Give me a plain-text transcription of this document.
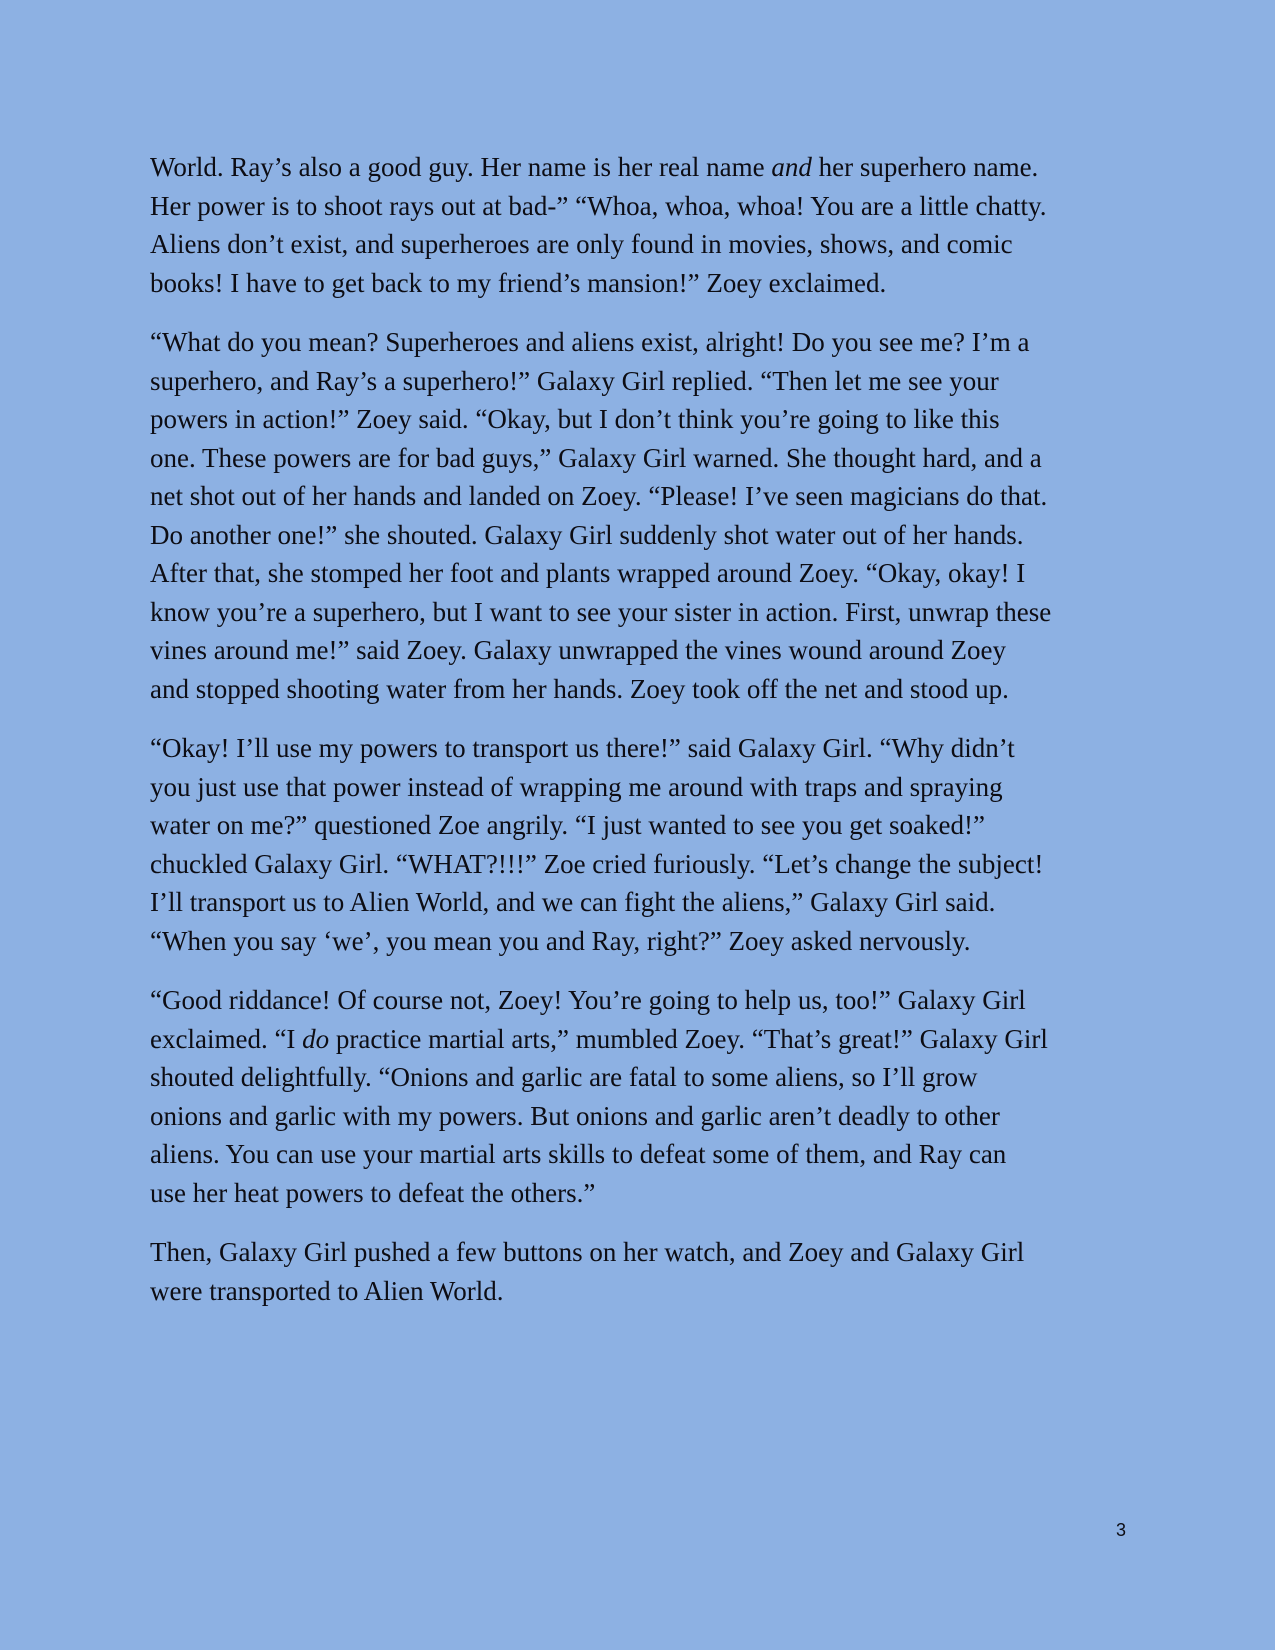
World. Ray’s also a good guy. Her name is her real name and her superhero name.
Her power is to shoot rays out at bad-” “Whoa, whoa, whoa! You are a little chatty.
Aliens don’t exist, and superheroes are only found in movies, shows, and comic
books! I have to get back to my friend’s mansion!” Zoey exclaimed.

“What do you mean? Superheroes and aliens exist, alright! Do you see me? I’m a
superhero, and Ray’s a superhero!” Galaxy Girl replied. “Then let me see your
powers in action!” Zoey said. “Okay, but I don’t think you’re going to like this
one. These powers are for bad guys,” Galaxy Girl warned. She thought hard, and a
net shot out of her hands and landed on Zoey. “Please! I’ve seen magicians do that.
Do another one!” she shouted. Galaxy Girl suddenly shot water out of her hands.
After that, she stomped her foot and plants wrapped around Zoey. “Okay, okay! I
know you’re a superhero, but I want to see your sister in action. First, unwrap these
vines around me!” said Zoey. Galaxy unwrapped the vines wound around Zoey
and stopped shooting water from her hands. Zoey took off the net and stood up.

“Okay! I’ll use my powers to transport us there!” said Galaxy Girl. “Why didn’t
you just use that power instead of wrapping me around with traps and spraying
water on me?” questioned Zoe angrily. “I just wanted to see you get soaked!”
chuckled Galaxy Girl. “WHAT?!!!” Zoe cried furiously. “Let’s change the subject!
I’ll transport us to Alien World, and we can fight the aliens,” Galaxy Girl said.
“When you say ‘we’, you mean you and Ray, right?” Zoey asked nervously.

“Good riddance! Of course not, Zoey! You’re going to help us, too!” Galaxy Girl
exclaimed. “I do practice martial arts,” mumbled Zoey. “That’s great!” Galaxy Girl
shouted delightfully. “Onions and garlic are fatal to some aliens, so I’ll grow
onions and garlic with my powers. But onions and garlic aren’t deadly to other
aliens. You can use your martial arts skills to defeat some of them, and Ray can
use her heat powers to defeat the others.”

Then, Galaxy Girl pushed a few buttons on her watch, and Zoey and Galaxy Girl
were transported to Alien World.

3
